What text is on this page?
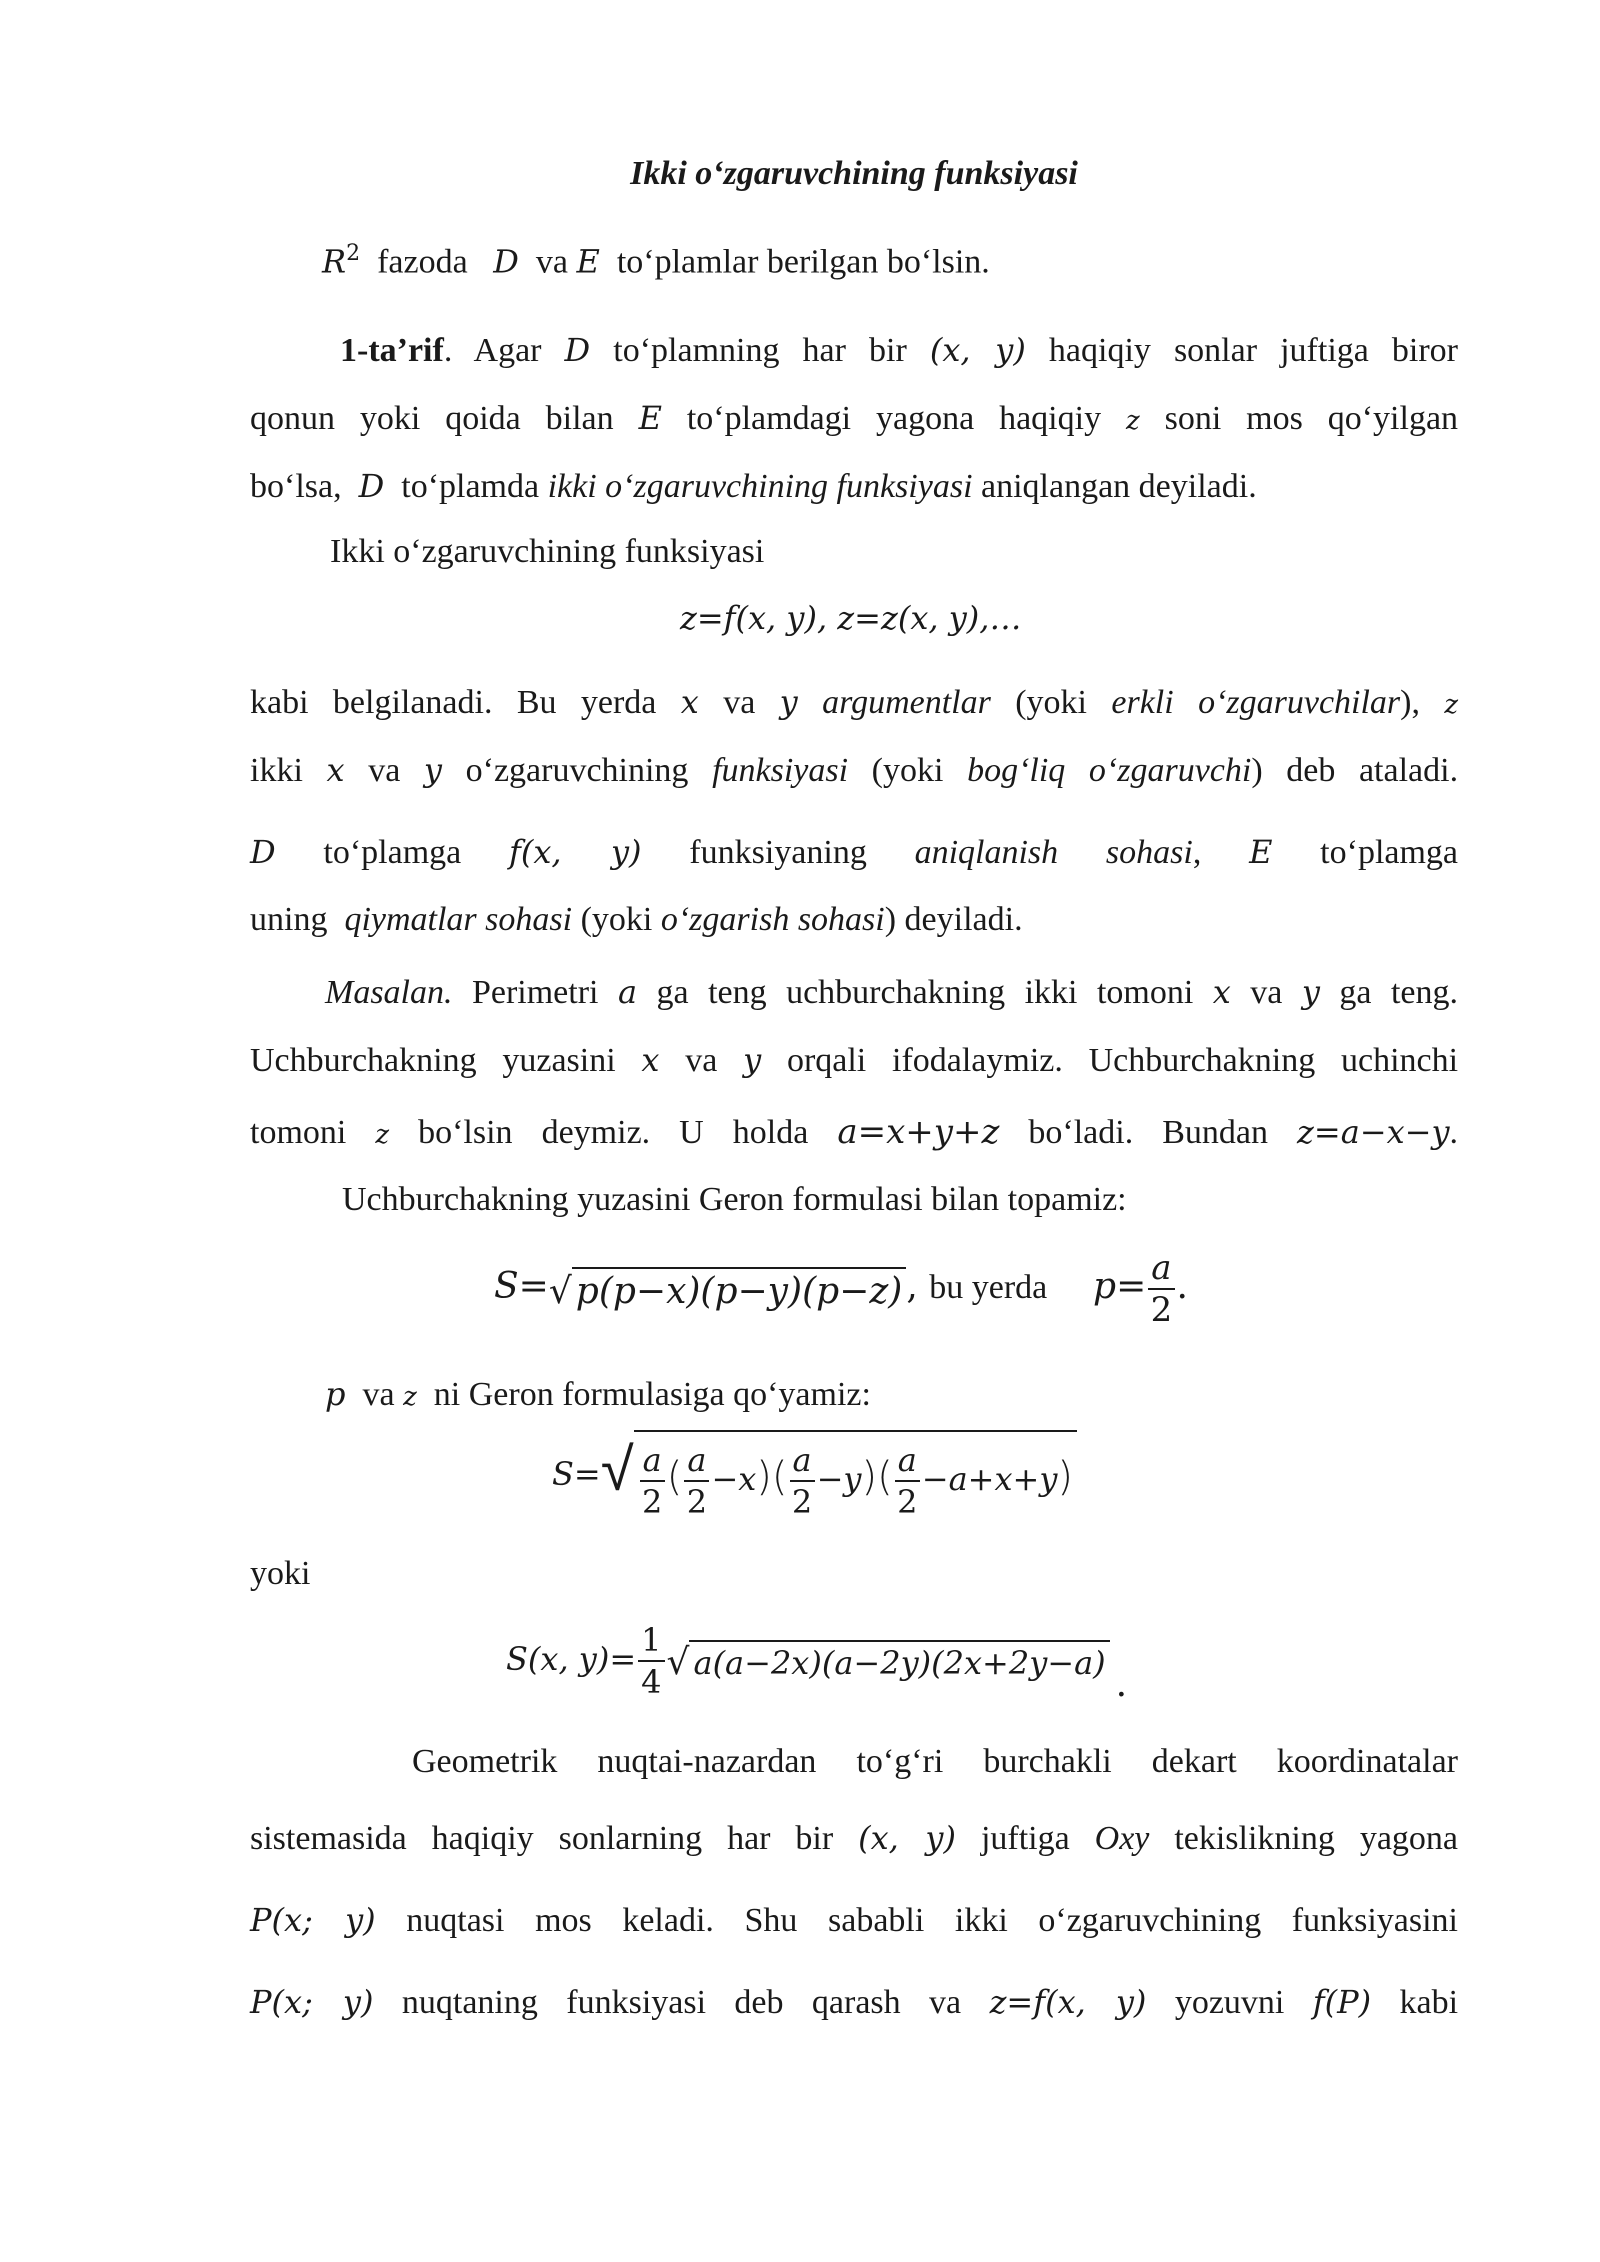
Ikki o‘zgaruvchining funksiyasi
$R^2$ fazoda D va E to‘plamlar berilgan bo‘lsin.
1-ta’rif. Agar D to‘plamning har bir (x, y) haqiqiy sonlar juftiga biror
qonun yoki qoida bilan E to‘plamdagi yagona haqiqiy z soni mos qo‘yilgan
bo‘lsa, D to‘plamda ikki o‘zgaruvchining funksiyasi aniqlangan deyiladi.
Ikki o‘zgaruvchining funksiyasi
z=f(x, y), z=z(x, y),…
kabi belgilanadi. Bu yerda x va y argumentlar (yoki erkli o‘zgaruvchilar), z
ikki x va y o‘zgaruvchining funksiyasi (yoki bog‘liq o‘zgaruvchi) deb ataladi.
D to‘plamga f(x, y) funksiyaning aniqlanish sohasi, E to‘plamga
uning qiymatlar sohasi (yoki o‘zgarish sohasi) deyiladi.
Masalan. Perimetri a ga teng uchburchakning ikki tomoni x va y ga teng.
Uchburchakning yuzasini x va y orqali ifodalaymiz. Uchburchakning uchinchi
tomoni z bo‘lsin deymiz. U holda a=x+y+z bo‘ladi. Bundan z=a−x−y.
Uchburchakning yuzasini Geron formulasi bilan topamiz:
S=√ p(p−x)(p−y)(p−z) , bu yerda $p= \frac{a}{2}$ .
p va z ni Geron formulasiga qo‘yamiz:
$S=√ \frac{a}{2}$ ( $\frac{a}{2} -x)( \frac{a}{2} -y)( \frac{a}{2} -a+x+y)$
yoki
S(x, $y)= \frac{1}{4}$ √ a(a−2x)(a−2y)(2x+2y−a).
Geometrik nuqtai-nazardan to‘g‘ri burchakli dekart koordinatalar
sistemasida haqiqiy sonlarning har bir (x, y) juftiga Oxy tekislikning yagona
P(x; y) nuqtasi mos keladi. Shu sababli ikki o‘zgaruvchining funksiyasini
P(x; y) nuqtaning funksiyasi deb qarash va z=f(x, y) yozuvni f(P) kabi
